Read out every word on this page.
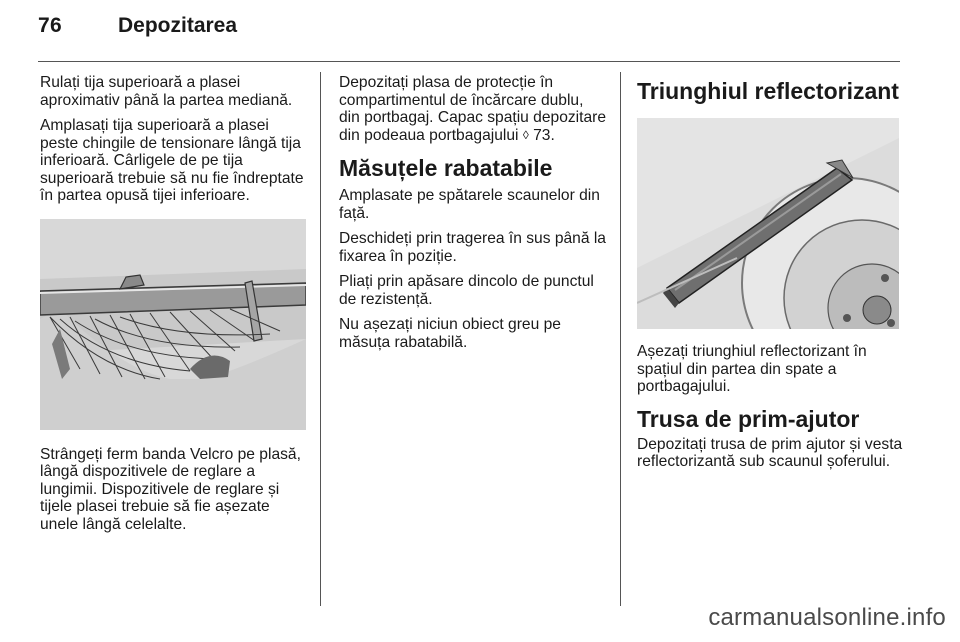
76	Depozitarea

Rulați tija superioară a plasei aproximativ până la partea mediană.

Amplasați tija superioară a plasei peste chingile de tensionare lângă tija inferioară. Cârligele de pe tija superioară trebuie să nu fie îndreptate în partea opusă tijei inferioare.

Strângeți ferm banda Velcro pe plasă, lângă dispozitivele de reglare a lungimii. Dispozitivele de reglare și tijele plasei trebuie să fie așezate unele lângă celelalte.

Depozitați plasa de protecție în compartimentul de încărcare dublu, din portbagaj. Capac spațiu depozitare din podeaua portbagajului ◊ 73.

Măsuțele rabatabile

Amplasate pe spătarele scaunelor din față.

Deschideți prin tragerea în sus până la fixarea în poziție.

Pliați prin apăsare dincolo de punctul de rezistență.

Nu așezați niciun obiect greu pe măsuța rabatabilă.

Triunghiul reflectorizant

Așezați triunghiul reflectorizant în spațiul din partea din spate a portbagajului.

Trusa de prim-ajutor

Depozitați trusa de prim ajutor și vesta reflectorizantă sub scaunul șoferului.

carmanualsonline.info
